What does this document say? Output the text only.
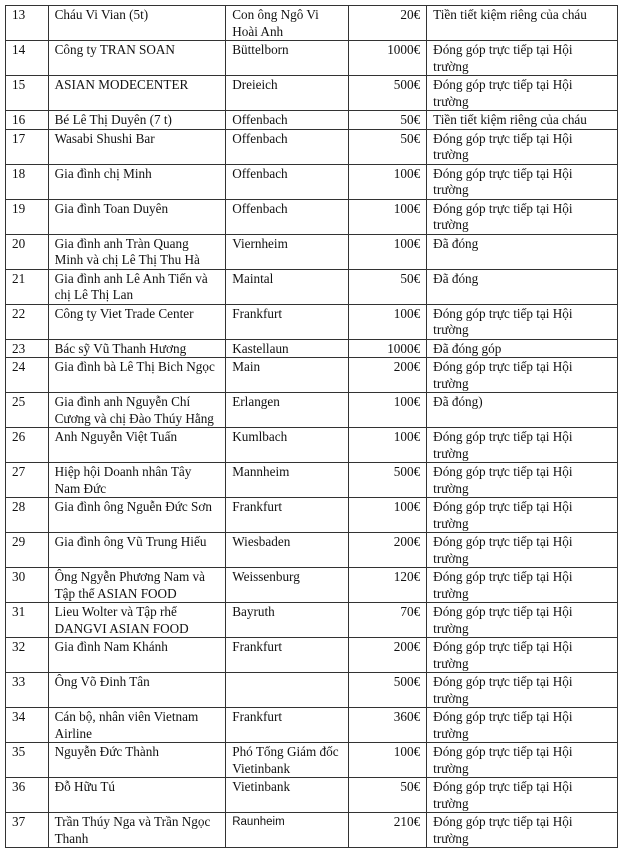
13	Cháu Vi Vian (5t)	Con ông Ngô Vi Hoài Anh	20€	Tiền tiết kiệm riêng của cháu
14	Công ty TRAN SOAN	Büttelborn	1000€	Đóng góp trực tiếp tại Hội trường
15	ASIAN MODECENTER	Dreieich	500€	Đóng góp trực tiếp tại Hội trường
16	Bé Lê Thị Duyên (7 t)	Offenbach	50€	Tiền tiết kiệm riêng của cháu
17	Wasabi Shushi Bar	Offenbach	50€	Đóng góp trực tiếp tại Hội trường
18	Gia đình chị Minh	Offenbach	100€	Đóng góp trực tiếp tại Hội trường
19	Gia đình Toan Duyên	Offenbach	100€	Đóng góp trực tiếp tại Hội trường
20	Gia đình anh Tràn Quang Minh và chị Lê Thị Thu Hà	Viernheim	100€	Đã đóng
21	Gia đình anh Lê Anh Tiến và chị Lê Thị Lan	Maintal	50€	Đã đóng
22	Công ty Viet Trade Center	Frankfurt	100€	Đóng góp trực tiếp tại Hội trường
23	Bác sỹ Vũ Thanh Hương	Kastellaun	1000€	Đã đóng góp
24	Gia đình bà Lê Thị Bich Ngọc	Main	200€	Đóng góp trực tiếp tại Hội trường
25	Gia đình anh Nguyễn Chí Cương và chị Đào Thúy Hằng	Erlangen	100€	Đã đóng)
26	Anh Nguyễn Việt Tuấn	Kumlbach	100€	Đóng góp trực tiếp tại Hội trường
27	Hiệp hội Doanh nhân Tây Nam Đức	Mannheim	500€	Đóng góp trực tiếp tại Hội trường
28	Gia đình ông Nguễn Đức Sơn	Frankfurt	100€	Đóng góp trực tiếp tại Hội trường
29	Gia đình ông Vũ Trung Hiếu	Wiesbaden	200€	Đóng góp trực tiếp tại Hội trường
30	Ông Ngyễn Phương Nam và Tập thể ASIAN FOOD	Weissenburg	120€	Đóng góp trực tiếp tại Hội trường
31	Lieu Wolter và Tập rhể DANGVI ASIAN FOOD	Bayruth	70€	Đóng góp trực tiếp tại Hội trường
32	Gia đình Nam Khánh	Frankfurt	200€	Đóng góp trực tiếp tại Hội trường
33	Ông Võ Đinh Tân		500€	Đóng góp trực tiếp tại Hội trường
34	Cán bộ, nhân viên Vietnam Airline	Frankfurt	360€	Đóng góp trực tiếp tại Hội trường
35	Nguyễn Đức Thành	Phó Tổng Giám đốc Vietinbank	100€	Đóng góp trực tiếp tại Hội trường
36	Đỗ Hữu Tú	Vietinbank	50€	Đóng góp trực tiếp tại Hội trường
37	Trần Thúy Nga và Trần Ngọc Thanh	Raunheim	210€	Đóng góp trực tiếp tại Hội trường
